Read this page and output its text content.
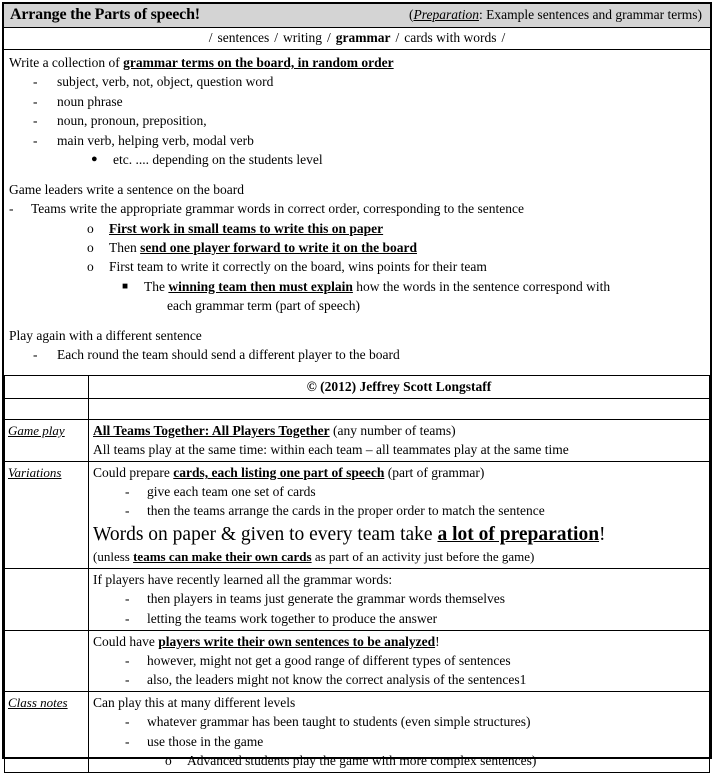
Arrange the Parts of speech!	(Preparation: Example sentences and grammar terms)
/ sentences / writing / grammar / cards with words /
Write a collection of grammar terms on the board, in random order
-	subject, verb, not, object, question word
-	noun phrase
-	noun, pronoun, preposition,
-	main verb, helping verb, modal verb
●	etc. .... depending on the students level
Game leaders write a sentence on the board
-	Teams write the appropriate grammar words in correct order, corresponding to the sentence
o	First work in small teams to write this on paper
o	Then send one player forward to write it on the board
o	First team to write it correctly on the board, wins points for their team
■	The winning team then must explain how the words in the sentence correspond with
each grammar term (part of speech)
Play again with a different sentence
-	Each round the team should send a different player to the board
	© (2012) Jeffrey Scott Longstaff

Game play	All Teams Together: All Players Together (any number of teams)
All teams play at the same time: within each team – all teammates play at the same time

Variations	Could prepare cards, each listing one part of speech (part of grammar)
-	give each team one set of cards
-	then the teams arrange the cards in the proper order to match the sentence
Words on paper & given to every team take a lot of preparation!
(unless teams can make their own cards as part of an activity just before the game)

	If players have recently learned all the grammar words:
- then players in teams just generate the grammar words themselves
- letting the teams work together to produce the answer

	Could have players write their own sentences to be analyzed!
- however, might not get a good range of different types of sentences
- also, the leaders might not know the correct analysis of the sentences1

Class notes	Can play this at many different levels
-	whatever grammar has been taught to students (even simple structures)
-	use those in the game
o	Advanced students play the game with more complex sentences)
